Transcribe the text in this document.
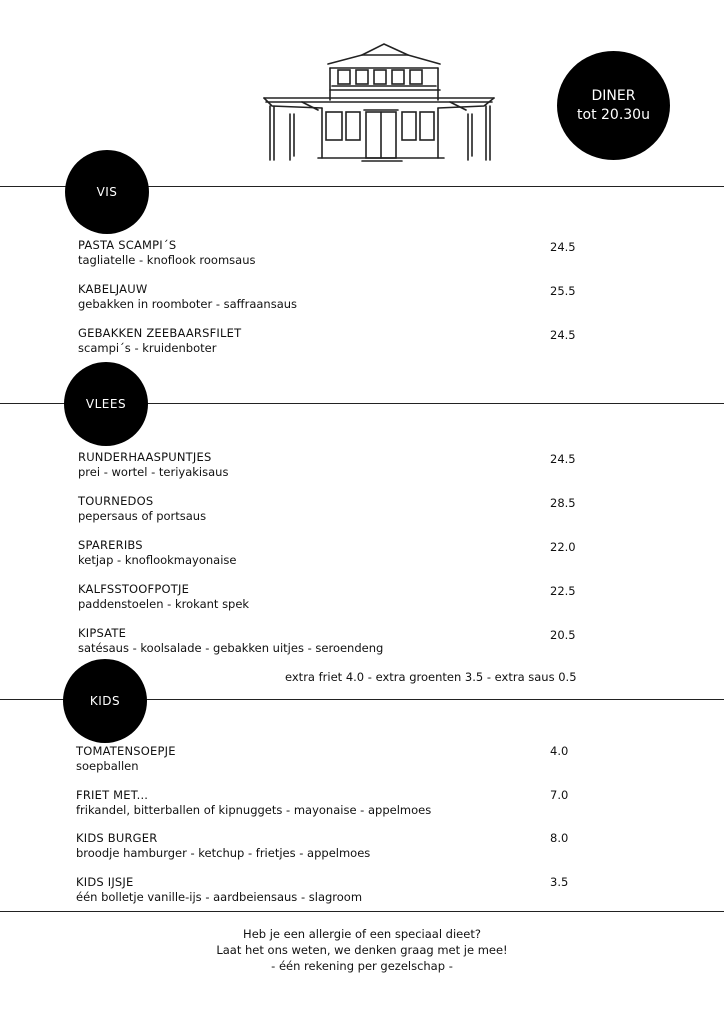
DINER
tot 20.30u
VIS
PASTA SCAMPI´S
tagliatelle - knoflook roomsaus
24.5
KABELJAUW
gebakken in roomboter - saffraansaus
25.5
GEBAKKEN ZEEBAARSFILET
scampi´s - kruidenboter
24.5
VLEES
RUNDERHAASPUNTJES
prei - wortel - teriyakisaus
24.5
TOURNEDOS
pepersaus of portsaus
28.5
SPARERIBS
ketjap - knoflookmayonaise
22.0
KALFSSTOOFPOTJE
paddenstoelen - krokant spek
22.5
KIPSATE
satésaus - koolsalade - gebakken uitjes - seroendeng
20.5
extra friet 4.0 - extra groenten 3.5 - extra saus 0.5
KIDS
TOMATENSOEPJE
soepballen
4.0
FRIET MET...
frikandel, bitterballen of kipnuggets - mayonaise - appelmoes
7.0
KIDS BURGER
broodje hamburger - ketchup - frietjes - appelmoes
8.0
KIDS IJSJE
één bolletje vanille-ijs - aardbeiensaus - slagroom
3.5
Heb je een allergie of een speciaal dieet?
Laat het ons weten, we denken graag met je mee!
- één rekening per gezelschap -
